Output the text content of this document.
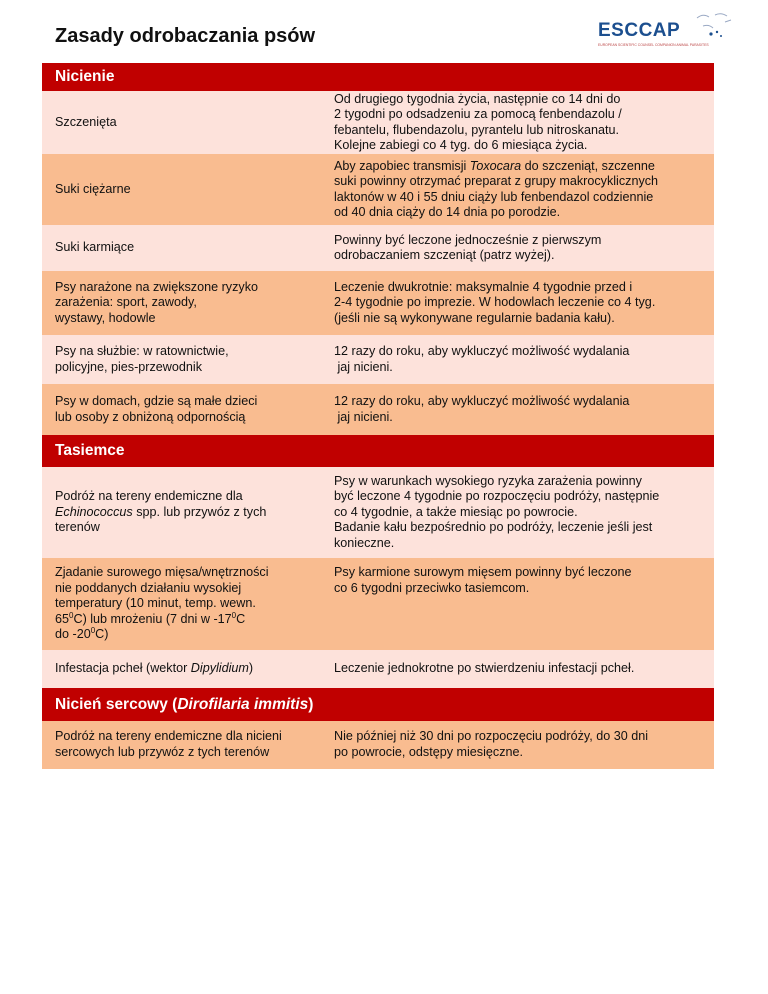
Zasady odrobaczania psów	ESCCAP
EUROPEAN SCIENTIFIC COUNSEL COMPANION ANIMAL PARASITES
Nicienie
Szczenięta
Od drugiego tygodnia życia, następnie co 14 dni do
2 tygodni po odsadzeniu za pomocą fenbendazolu /
febantelu, flubendazolu, pyrantelu lub nitroskanatu.
Kolejne zabiegi co 4 tyg. do 6 miesiąca życia.
Suki ciężarne
Aby zapobiec transmisji Toxocara do szczeniąt, szczenne
suki powinny otrzymać preparat z grupy makrocyklicznych
laktonów w 40 i 55 dniu ciąży lub fenbendazol codziennie
od 40 dnia ciąży do 14 dnia po porodzie.
Suki karmiące
Powinny być leczone jednocześnie z pierwszym
odrobaczaniem szczeniąt (patrz wyżej).
Psy narażone na zwiększone ryzyko
zarażenia: sport, zawody,
wystawy, hodowle
Leczenie dwukrotnie: maksymalnie 4 tygodnie przed i
2-4 tygodnie po imprezie. W hodowlach leczenie co 4 tyg.
(jeśli nie są wykonywane regularnie badania kału).
Psy na służbie: w ratownictwie,
policyjne, pies-przewodnik
12 razy do roku, aby wykluczyć możliwość wydalania
jaj nicieni.
Psy w domach, gdzie są małe dzieci
lub osoby z obniżoną odpornością
12 razy do roku, aby wykluczyć możliwość wydalania
jaj nicieni.
Tasiemce
Podróż na tereny endemiczne dla
Echinococcus spp. lub przywóz z tych
terenów
Psy w warunkach wysokiego ryzyka zarażenia powinny
być leczone 4 tygodnie po rozpoczęciu podróży, następnie
co 4 tygodnie, a także miesiąc po powrocie.
Badanie kału bezpośrednio po podróży, leczenie jeśli jest
konieczne.
Zjadanie surowego mięsa/wnętrzności
nie poddanych działaniu wysokiej
temperatury (10 minut, temp. wewn.
$65^0C$) lub mrożeniu (7 dni w $-17^0C$
do $-20^0C$)
Psy karmione surowym mięsem powinny być leczone
co 6 tygodni przeciwko tasiemcom.
Infestacja pcheł (wektor Dipylidium)	Leczenie jednokrotne po stwierdzeniu infestacji pcheł.
Nicień sercowy (Dirofilaria immitis)
Podróż na tereny endemiczne dla nicieni
sercowych lub przywóz z tych terenów
Nie później niż 30 dni po rozpoczęciu podróży, do 30 dni
po powrocie, odstępy miesięczne.
